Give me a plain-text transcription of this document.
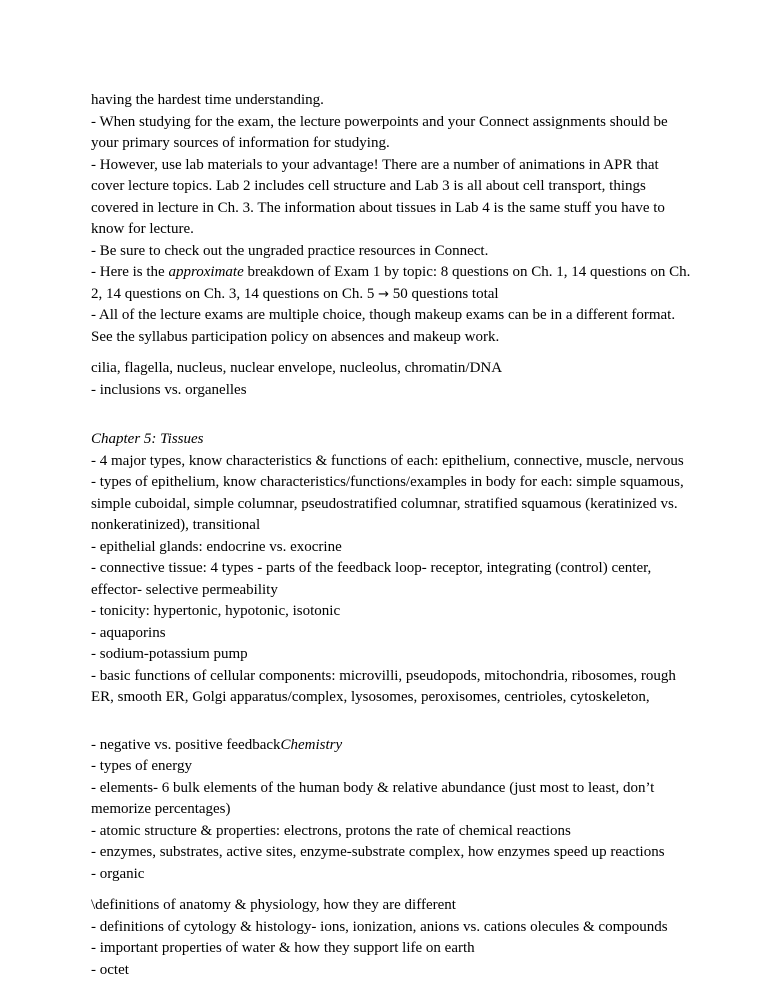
having the hardest time understanding.
- When studying for the exam, the lecture powerpoints and your Connect assignments should be your primary sources of information for studying.
- However, use lab materials to your advantage! There are a number of animations in APR that cover lecture topics. Lab 2 includes cell structure and Lab 3 is all about cell transport, things covered in lecture in Ch. 3. The information about tissues in Lab 4 is the same stuff you have to know for lecture.
- Be sure to check out the ungraded practice resources in Connect.
- Here is the approximate breakdown of Exam 1 by topic: 8 questions on Ch. 1, 14 questions on Ch. 2, 14 questions on Ch. 3, 14 questions on Ch. 5 → 50 questions total
- All of the lecture exams are multiple choice, though makeup exams can be in a different format. See the syllabus participation policy on absences and makeup work.
cilia, flagella, nucleus, nuclear envelope, nucleolus, chromatin/DNA
- inclusions vs. organelles
Chapter 5: Tissues
- 4 major types, know characteristics & functions of each: epithelium, connective, muscle, nervous
- types of epithelium, know characteristics/functions/examples in body for each: simple squamous, simple cuboidal, simple columnar, pseudostratified columnar, stratified squamous (keratinized vs. nonkeratinized), transitional
- epithelial glands: endocrine vs. exocrine
- connective tissue: 4 types - parts of the feedback loop- receptor, integrating (control) center, effector- selective permeability
- tonicity: hypertonic, hypotonic, isotonic
- aquaporins
- sodium-potassium pump
- basic functions of cellular components: microvilli, pseudopods, mitochondria, ribosomes, rough ER, smooth ER, Golgi apparatus/complex, lysosomes, peroxisomes, centrioles, cytoskeleton,
- negative vs. positive feedbackChemistry
- types of energy
- elements- 6 bulk elements of the human body & relative abundance (just most to least, don’t memorize percentages)
- atomic structure & properties: electrons, protons the rate of chemical reactions
- enzymes, substrates, active sites, enzyme-substrate complex, how enzymes speed up reactions
- organic
\definitions of anatomy & physiology, how they are different
- definitions of cytology & histology- ions, ionization, anions vs. cations olecules & compounds
- important properties of water & how they support life on earth
- octet
